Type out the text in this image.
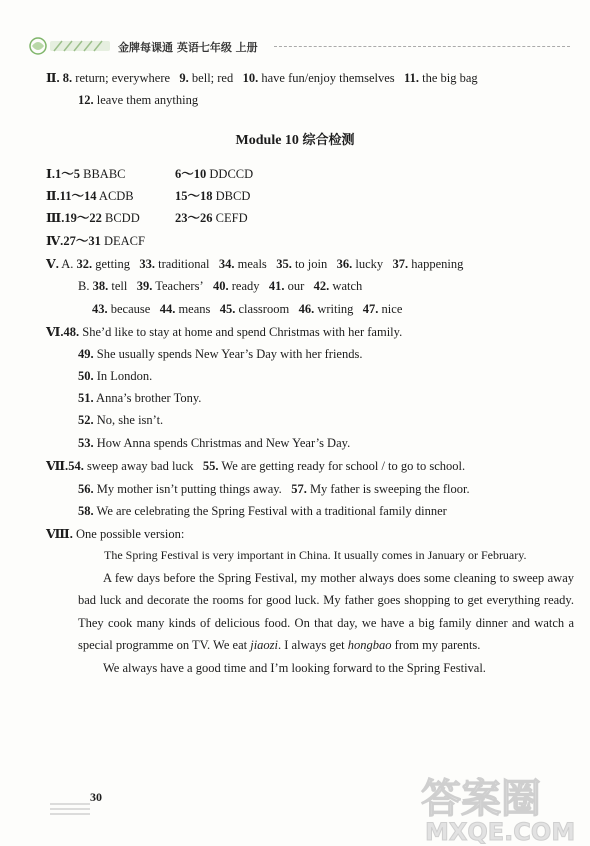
金牌每课通 英语七年级 上册
Ⅱ. 8. return; everywhere 9. bell; red 10. have fun/enjoy themselves 11. the big bag
12. leave them anything
Module 10 综合检测
Ⅰ.1～5 BBABC	6～10 DDCCD
Ⅱ.11～14 ACDB	15～18 DBCD
Ⅲ.19～22 BCDD	23～26 CEFD
Ⅳ.27～31 DEACF
Ⅴ. A. 32. getting 33. traditional 34. meals 35. to join 36. lucky 37. happening
B. 38. tell 39. Teachers’ 40. ready 41. our 42. watch
43. because 44. means 45. classroom 46. writing 47. nice
Ⅵ.48. She’d like to stay at home and spend Christmas with her family.
49. She usually spends New Year’s Day with her friends.
50. In London.
51. Anna’s brother Tony.
52. No, she isn’t.
53. How Anna spends Christmas and New Year’s Day.
Ⅶ.54. sweep away bad luck 55. We are getting ready for school / to go to school.
56. My mother isn’t putting things away. 57. My father is sweeping the floor.
58. We are celebrating the Spring Festival with a traditional family dinner
Ⅷ. One possible version:

The Spring Festival is very important in China. It usually comes in January or February.

A few days before the Spring Festival, my mother always does some cleaning to sweep away bad luck and decorate the rooms for good luck. My father goes shopping to get everything ready. They cook many kinds of delicious food. On that day, we have a big family dinner and watch a special programme on TV. We eat jiaozi. I always get hongbao from my parents.

We always have a good time and I’m looking forward to the Spring Festival.

30	答案圈
MXQE.COM
